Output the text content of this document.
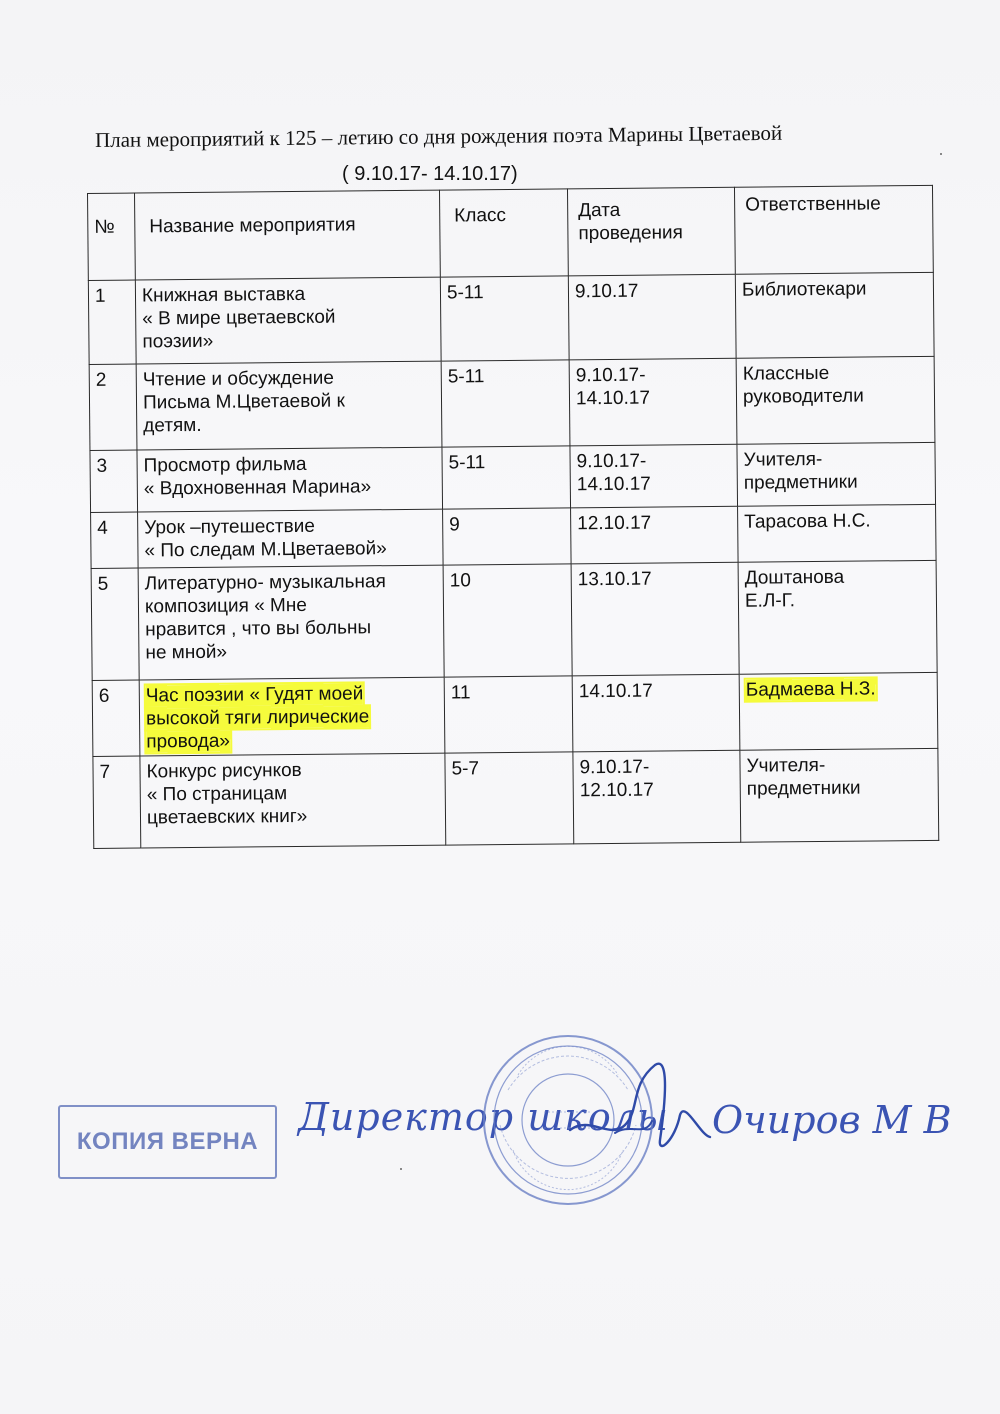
План мероприятий к 125 – летию со дня рождения поэта Марины Цветаевой
( 9.10.17- 14.10.17)
№	Название мероприятия	Класс	Дата
проведения	Ответственные
1	Книжная выставка
« В мире цветаевской
поэзии»	5-11	9.10.17	Библиотекари

2	Чтение и обсуждение
Письма М.Цветаевой к
детям.	5-11	9.10.17-
14.10.17	Классные
руководители

3	Просмотр фильма
« Вдохновенная Марина»	5-11	9.10.17-
14.10.17	Учителя-
предметники

4	Урок –путешествие
« По следам М.Цветаевой»	9	12.10.17	Тарасова Н.С.

5	Литературно- музыкальная
композиция « Мне
нравится , что вы больны
не мной»	10	13.10.17	Доштанова
Е.Л-Г.

6	Час поэзии « Гудят моей
высокой тяги лирические
провода»	11	14.10.17	Бадмаева Н.З.

7	Конкурс рисунков
« По страницам
цветаевских книг»	5-7	9.10.17-
12.10.17	Учителя-
предметники
КОПИЯ ВЕРНА
Директор школы Очиров М В
